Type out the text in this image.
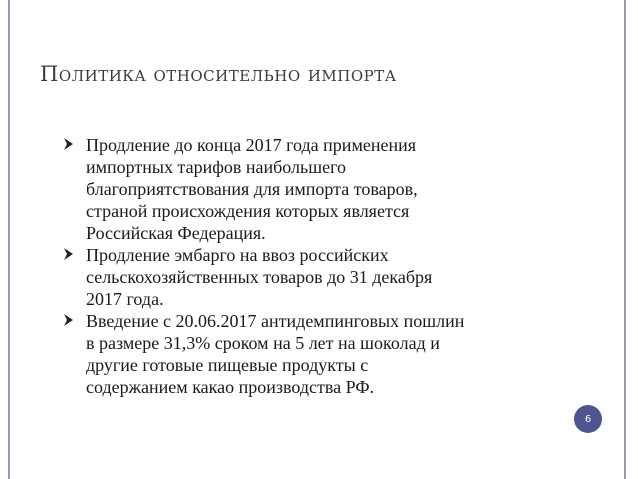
Политика относительно импорта
Продление до конца 2017 года применения
импортных тарифов наибольшего
благоприятствования для импорта товаров,
страной происхождения которых является
Российская Федерация.
Продление эмбарго на ввоз российских
сельскохозяйственных товаров до 31 декабря
2017 года.
Введение с 20.06.2017 антидемпинговых пошлин
в размере 31,3% сроком на 5 лет на шоколад и
другие готовые пищевые продукты с
содержанием какао производства РФ.
6
